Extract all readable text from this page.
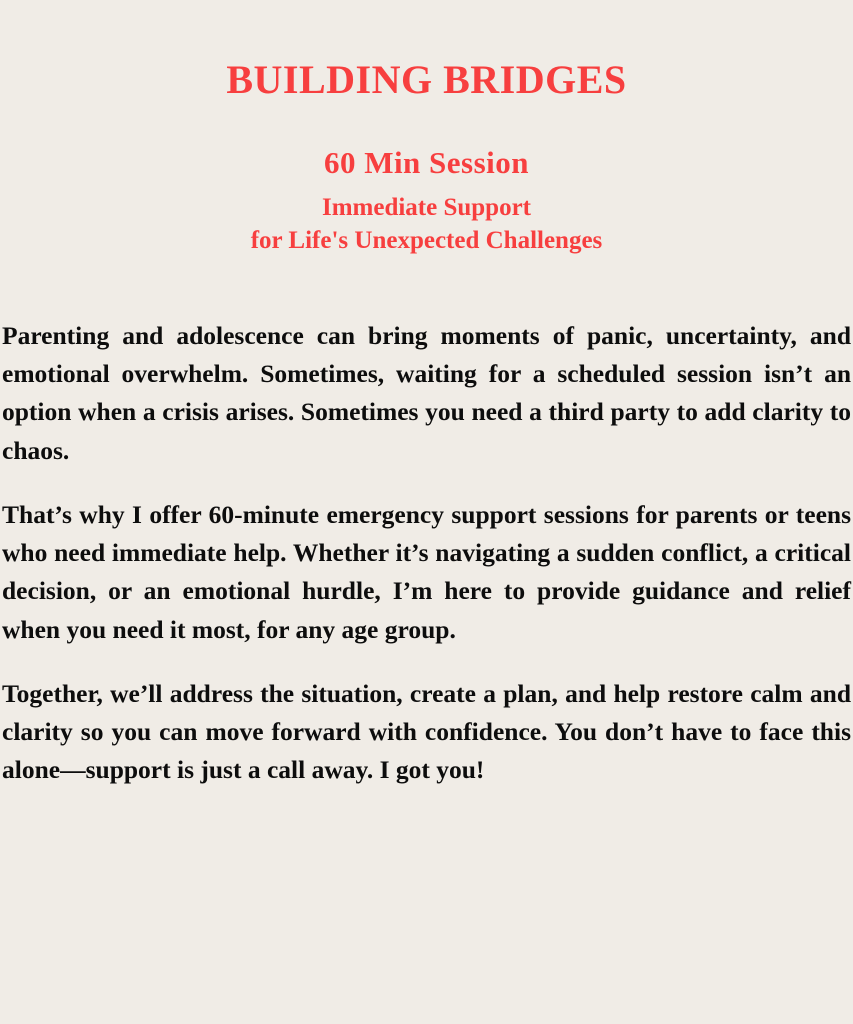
BUILDING BRIDGES
60 Min Session
Immediate Support
for Life's Unexpected Challenges

Parenting and adolescence can bring moments of panic, uncertainty, and emotional overwhelm. Sometimes, waiting for a scheduled session isn’t an option when a crisis arises. Sometimes you need a third party to add clarity to chaos.

That’s why I offer 60-minute emergency support sessions for parents or teens who need immediate help. Whether it’s navigating a sudden conflict, a critical decision, or an emotional hurdle, I’m here to provide guidance and relief when you need it most, for any age group.

Together, we’ll address the situation, create a plan, and help restore calm and clarity so you can move forward with confidence. You don’t have to face this alone—support is just a call away. I got you!
